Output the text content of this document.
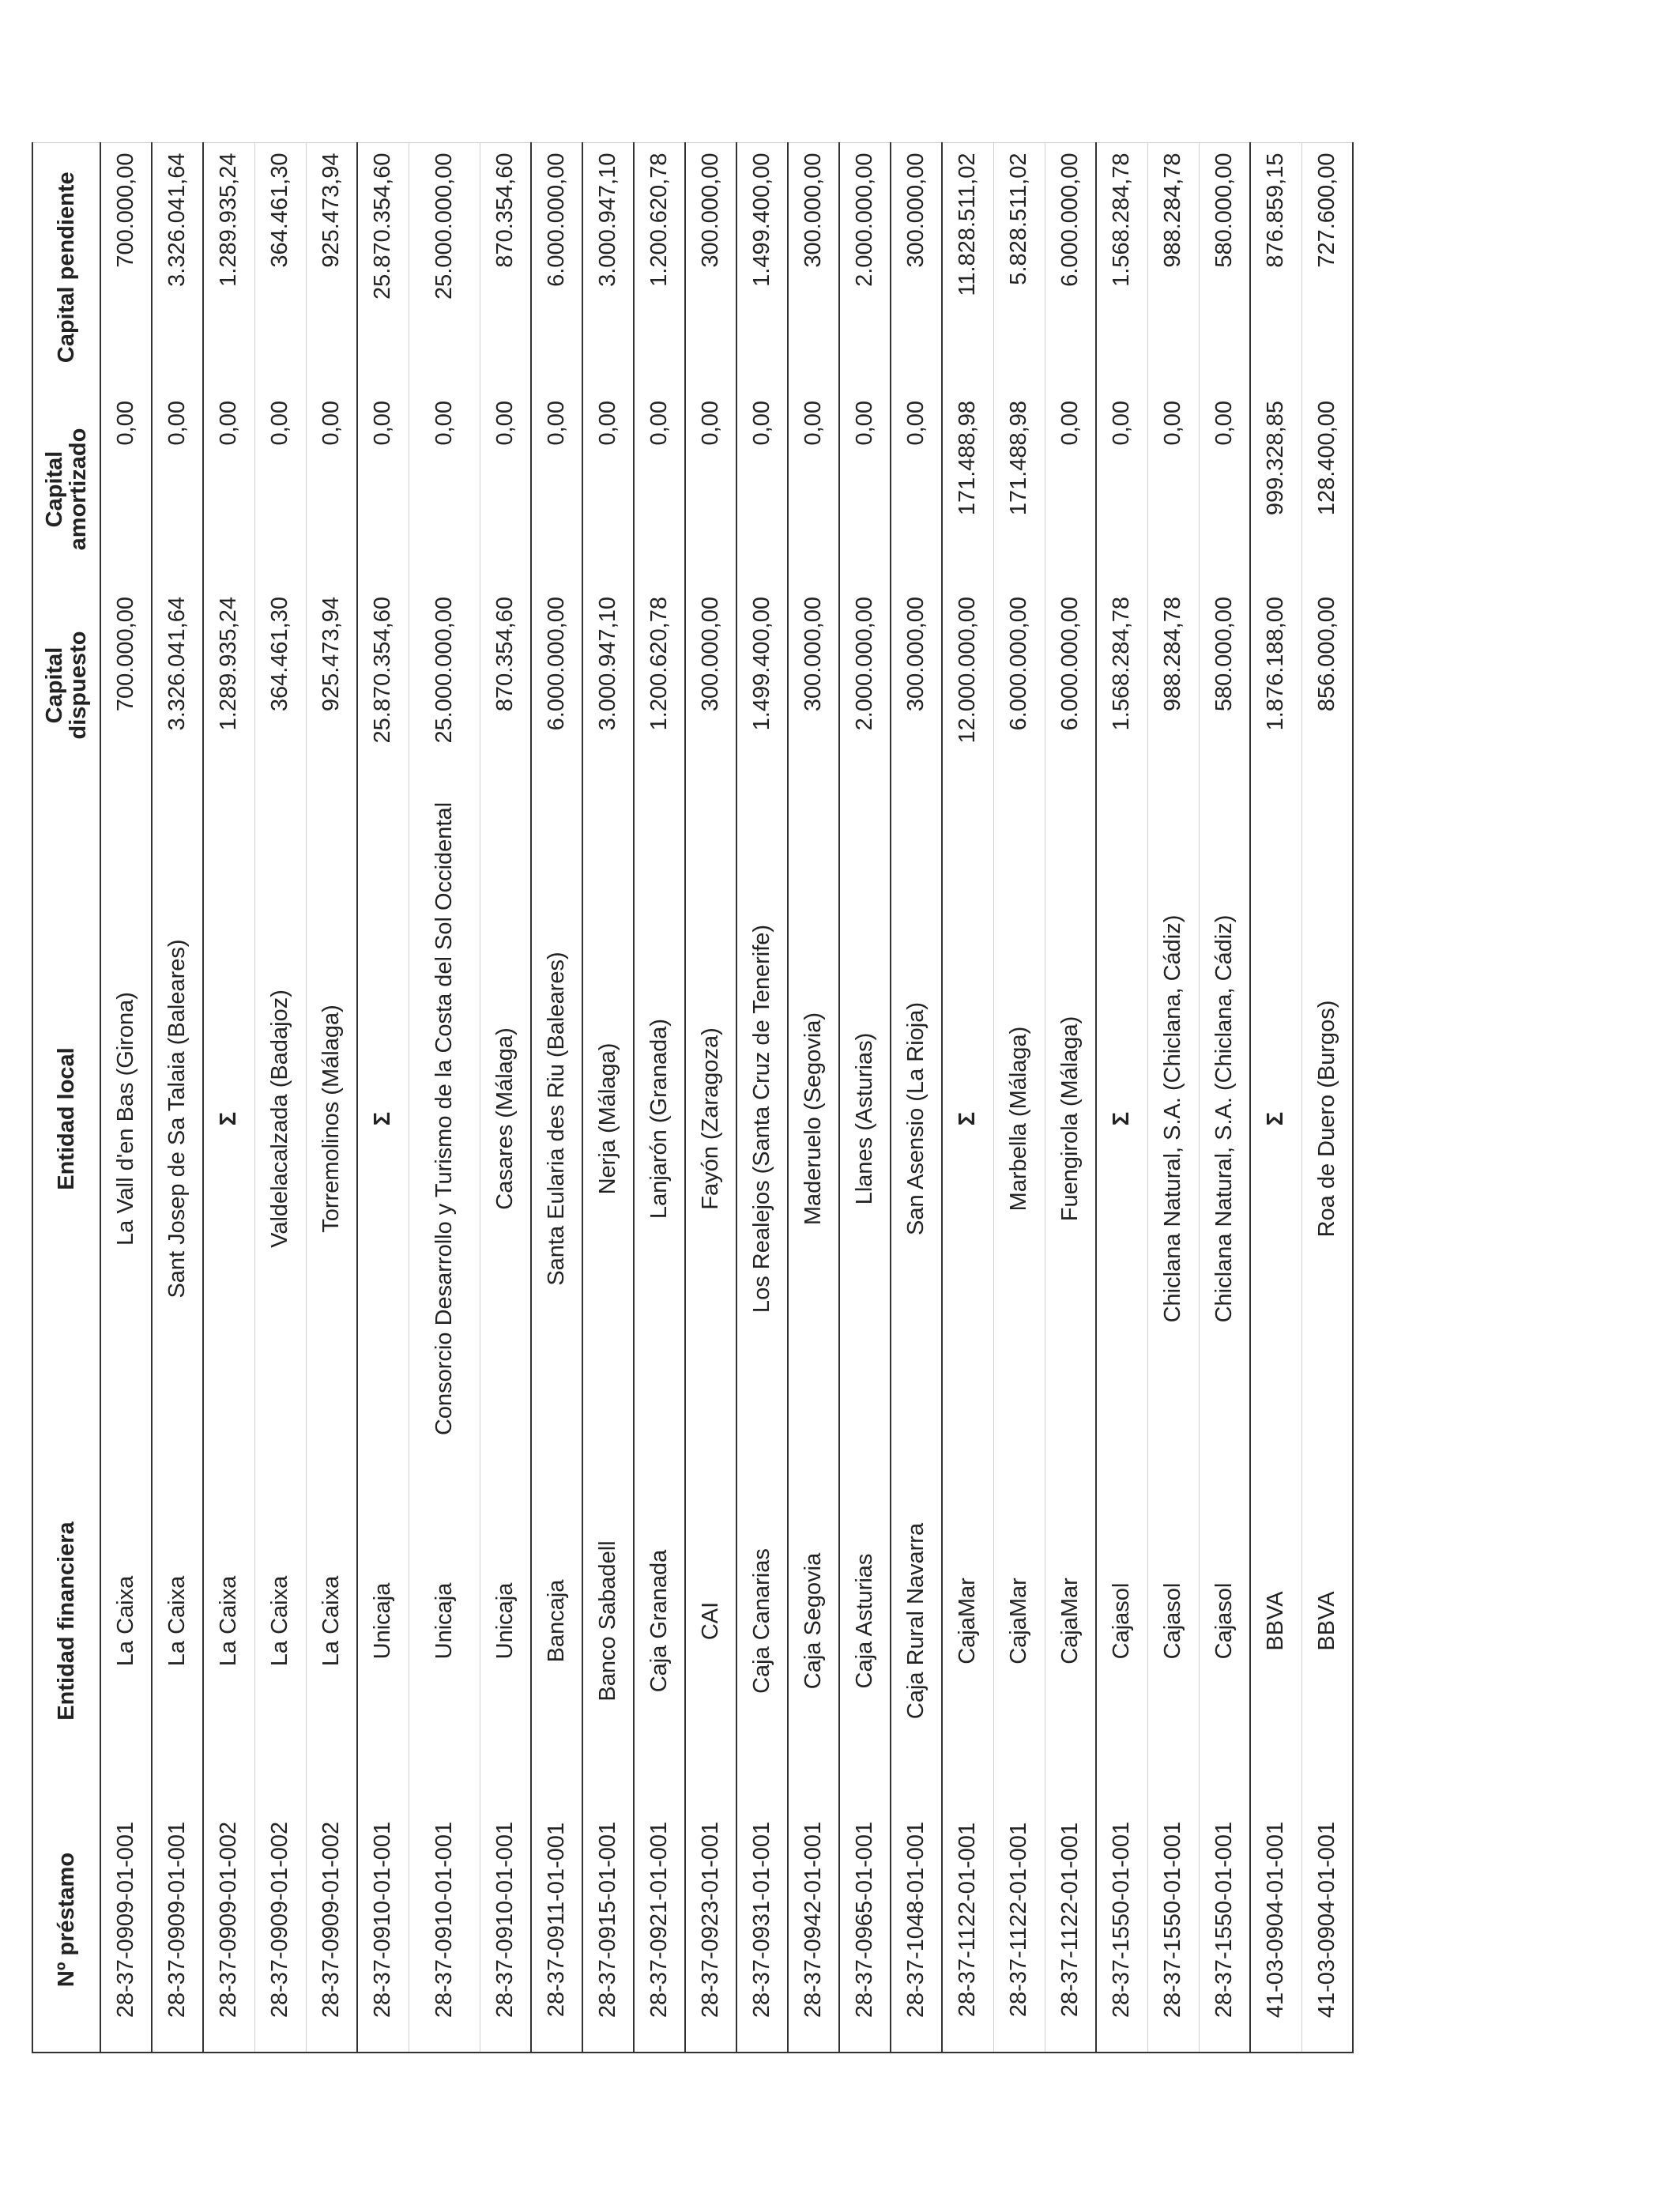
Nº préstamo	Entidad financiera	Entidad local	Capital dispuesto	Capital amortizado	Capital pendiente
28-37-0909-01-001	La Caixa	La Vall d'en Bas (Girona)	700.000,00	0,00	700.000,00
28-37-0909-01-001	La Caixa	Sant Josep de Sa Talaia (Baleares)	3.326.041,64	0,00	3.326.041,64
28-37-0909-01-002	La Caixa	Σ	1.289.935,24	0,00	1.289.935,24
28-37-0909-01-002	La Caixa	Valdelacalzada (Badajoz)	364.461,30	0,00	364.461,30
28-37-0909-01-002	La Caixa	Torremolinos (Málaga)	925.473,94	0,00	925.473,94
28-37-0910-01-001	Unicaja	Σ	25.870.354,60	0,00	25.870.354,60
28-37-0910-01-001	Unicaja	Consorcio Desarrollo y Turismo de la Costa del Sol Occidental	25.000.000,00	0,00	25.000.000,00
28-37-0910-01-001	Unicaja	Casares (Málaga)	870.354,60	0,00	870.354,60
28-37-0911-01-001	Bancaja	Santa Eularia des Riu (Baleares)	6.000.000,00	0,00	6.000.000,00
28-37-0915-01-001	Banco Sabadell	Nerja (Málaga)	3.000.947,10	0,00	3.000.947,10
28-37-0921-01-001	Caja Granada	Lanjarón (Granada)	1.200.620,78	0,00	1.200.620,78
28-37-0923-01-001	CAI	Fayón (Zaragoza)	300.000,00	0,00	300.000,00
28-37-0931-01-001	Caja Canarias	Los Realejos (Santa Cruz de Tenerife)	1.499.400,00	0,00	1.499.400,00
28-37-0942-01-001	Caja Segovia	Maderuelo (Segovia)	300.000,00	0,00	300.000,00
28-37-0965-01-001	Caja Asturias	Llanes (Asturias)	2.000.000,00	0,00	2.000.000,00
28-37-1048-01-001	Caja Rural Navarra	San Asensio (La Rioja)	300.000,00	0,00	300.000,00
28-37-1122-01-001	CajaMar	Σ	12.000.000,00	171.488,98	11.828.511,02
28-37-1122-01-001	CajaMar	Marbella (Málaga)	6.000.000,00	171.488,98	5.828.511,02
28-37-1122-01-001	CajaMar	Fuengirola (Málaga)	6.000.000,00	0,00	6.000.000,00
28-37-1550-01-001	Cajasol	Σ	1.568.284,78	0,00	1.568.284,78
28-37-1550-01-001	Cajasol	Chiclana Natural, S.A. (Chiclana, Cádiz)	988.284,78	0,00	988.284,78
28-37-1550-01-001	Cajasol	Chiclana Natural, S.A. (Chiclana, Cádiz)	580.000,00	0,00	580.000,00
41-03-0904-01-001	BBVA	Σ	1.876.188,00	999.328,85	876.859,15
41-03-0904-01-001	BBVA	Roa de Duero (Burgos)	856.000,00	128.400,00	727.600,00
